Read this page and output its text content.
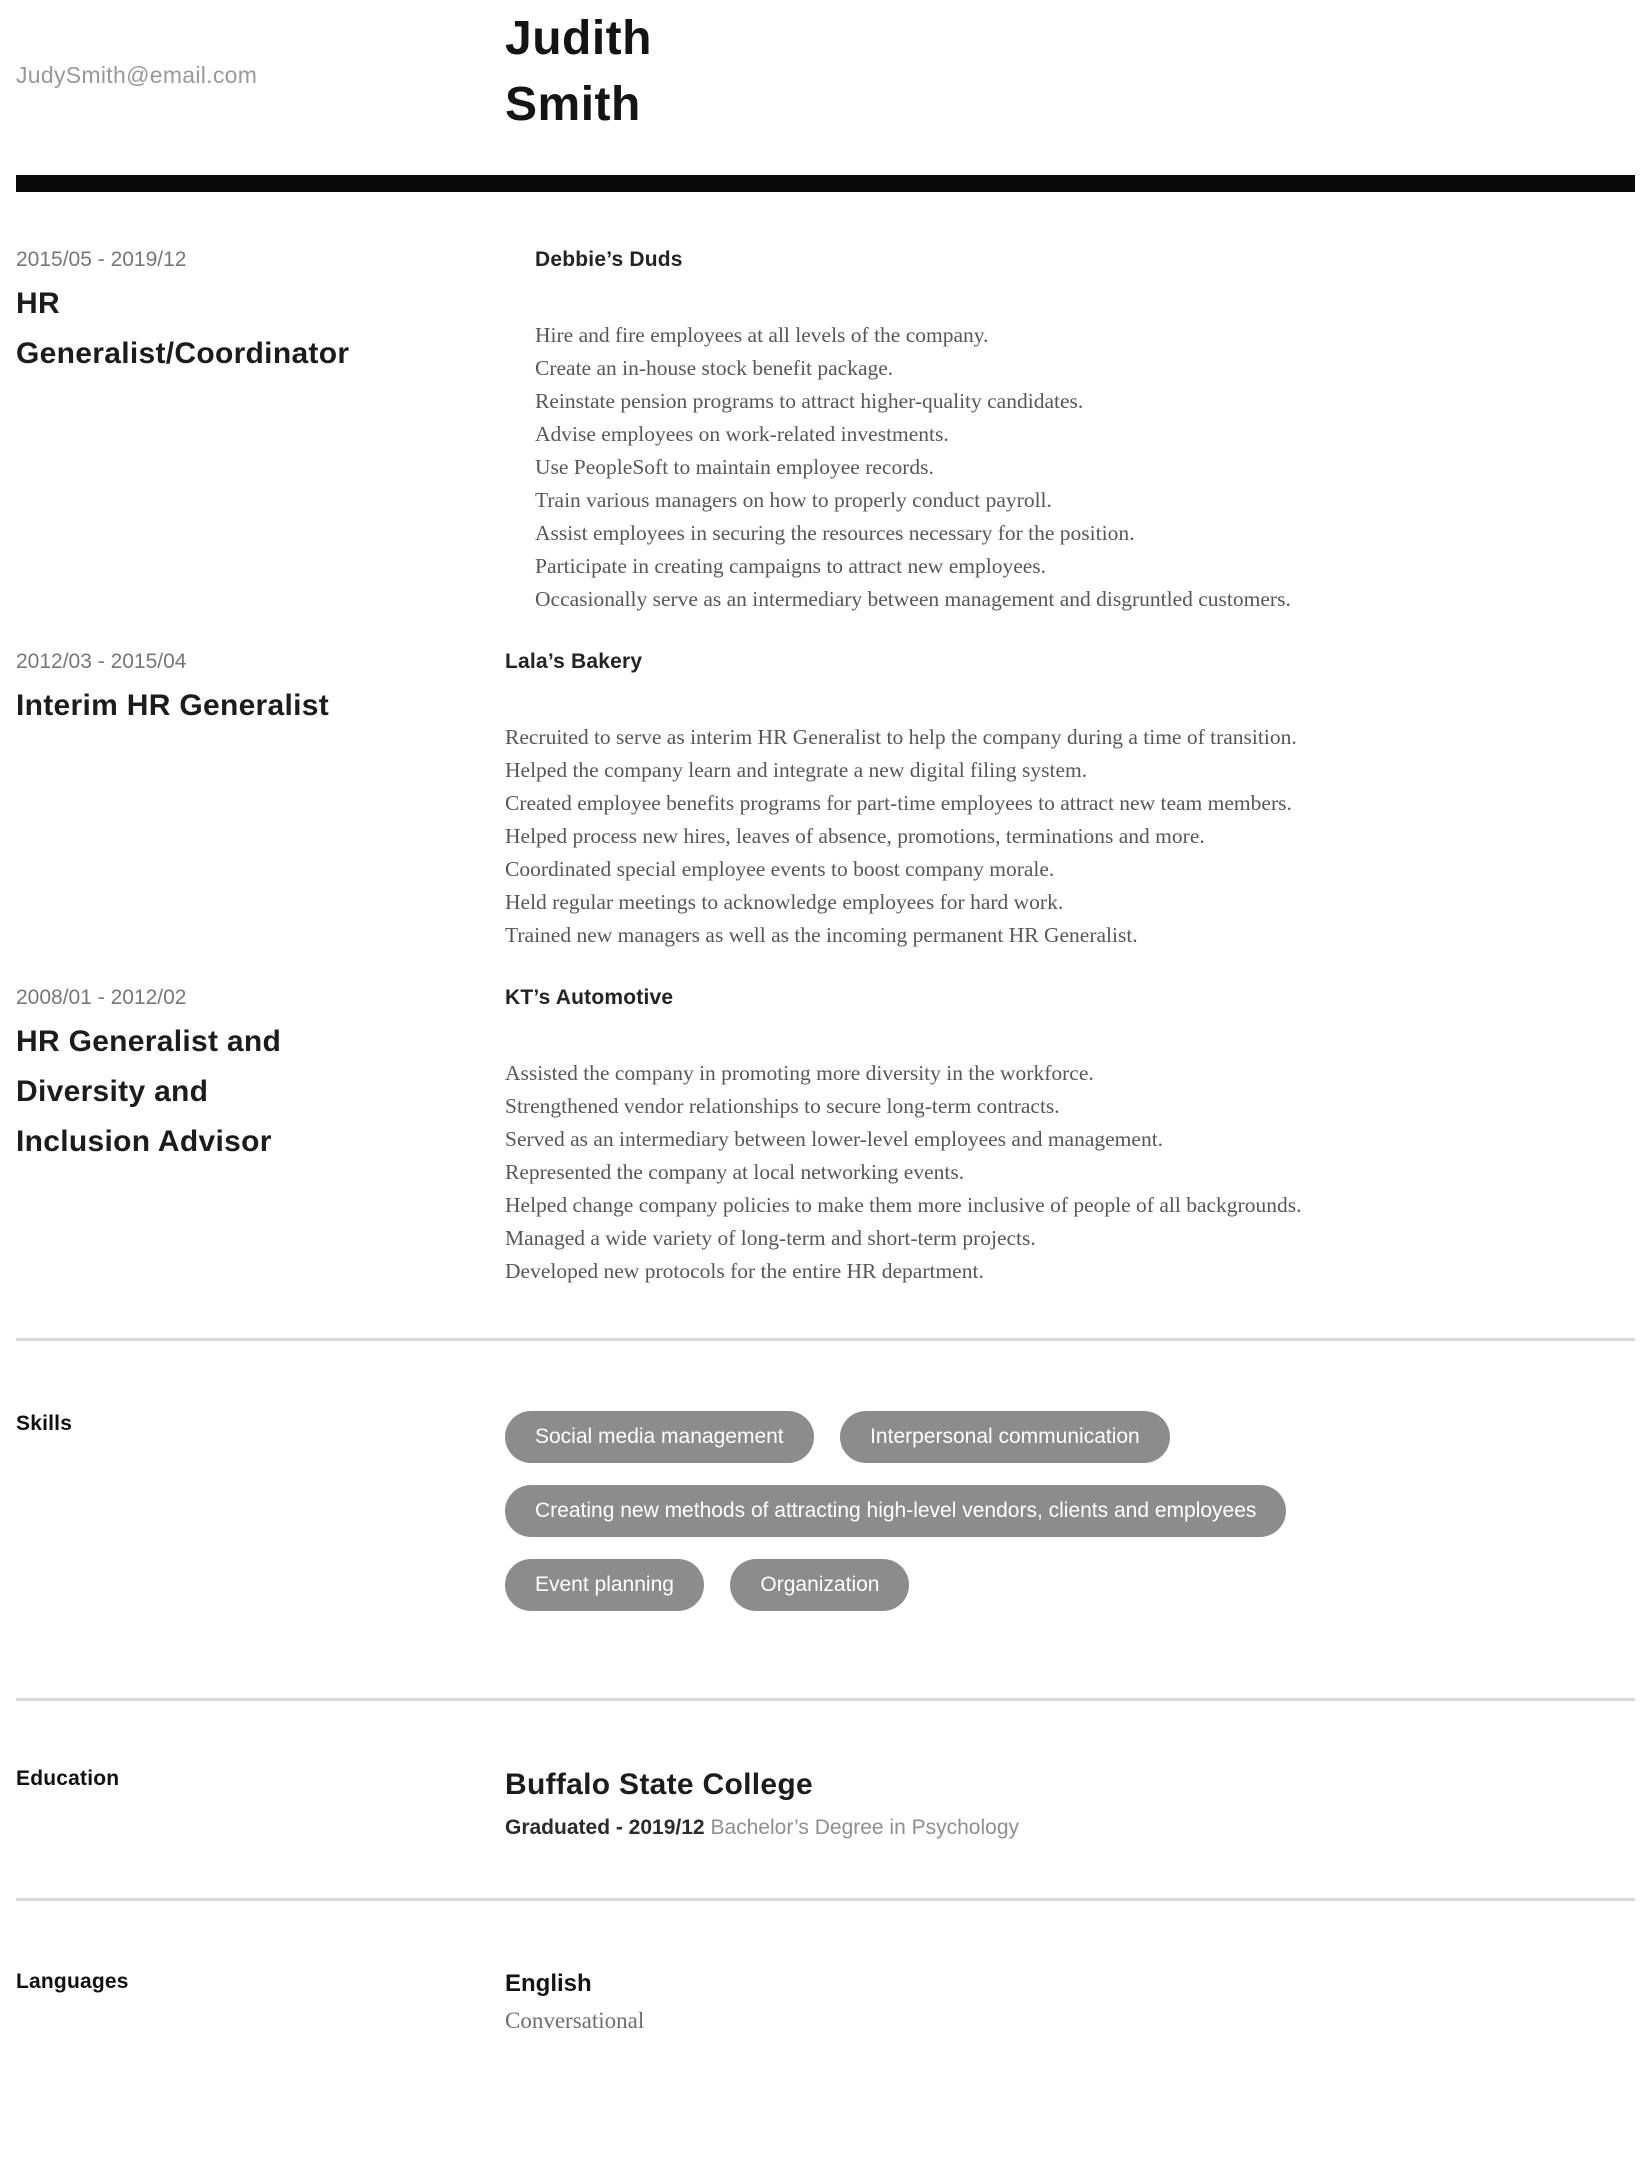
JudySmith@email.com
Judith Smith
2015/05 - 2019/12
HR Generalist/Coordinator
Debbie’s Duds

Hire and fire employees at all levels of the company.

Create an in-house stock benefit package.

Reinstate pension programs to attract higher-quality candidates.

Advise employees on work-related investments.

Use PeopleSoft to maintain employee records.

Train various managers on how to properly conduct payroll.

Assist employees in securing the resources necessary for the position.

Participate in creating campaigns to attract new employees.

Occasionally serve as an intermediary between management and disgruntled customers.

2012/03 - 2015/04
Interim HR Generalist
Lala’s Bakery

Recruited to serve as interim HR Generalist to help the company during a time of transition.

Helped the company learn and integrate a new digital filing system.

Created employee benefits programs for part-time employees to attract new team members.

Helped process new hires, leaves of absence, promotions, terminations and more.

Coordinated special employee events to boost company morale.

Held regular meetings to acknowledge employees for hard work.

Trained new managers as well as the incoming permanent HR Generalist.

2008/01 - 2012/02
HR Generalist and Diversity and Inclusion Advisor
KT’s Automotive

Assisted the company in promoting more diversity in the workforce.

Strengthened vendor relationships to secure long-term contracts.

Served as an intermediary between lower-level employees and management.

Represented the company at local networking events.

Helped change company policies to make them more inclusive of people of all backgrounds.

Managed a wide variety of long-term and short-term projects.

Developed new protocols for the entire HR department.

Skills
Social media management	Interpersonal communication
Creating new methods of attracting high-level vendors, clients and employees
Event planning	Organization
Education	Buffalo State College
Graduated - 2019/12 Bachelor’s Degree in Psychology
Languages	English
Conversational
